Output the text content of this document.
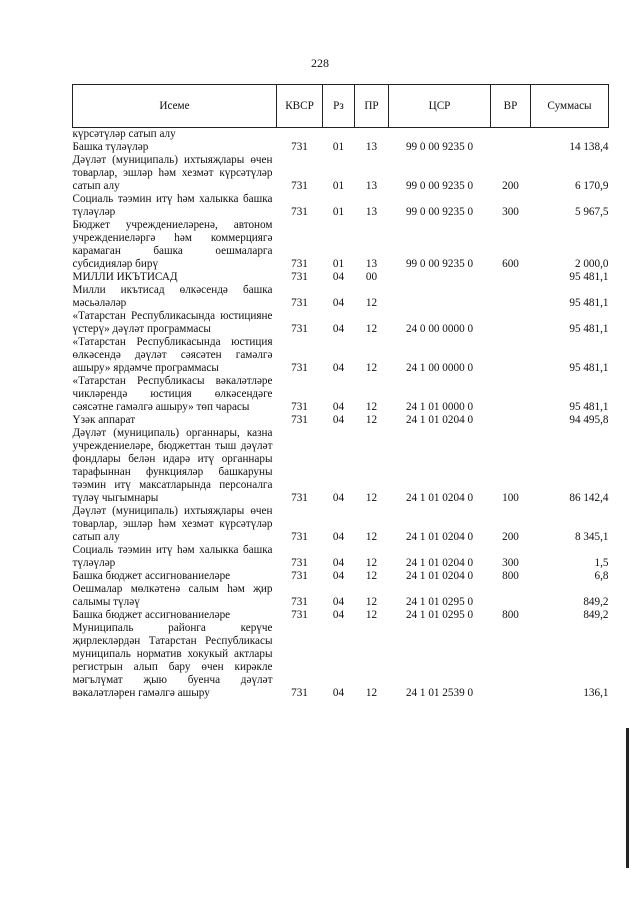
228
Исеме	КВСР	Рз	ПР	ЦСР	ВР	Суммасы
күрсәтүләр сатып алу						
Башка түләүләр	731	01	13	99 0 00 9235 0		14 138,4
Дәүләт (муниципаль) ихтыяҗлары өчен товарлар, эшләр һәм хезмәт күрсәтүләр сатып алу	731	01	13	99 0 00 9235 0	200	6 170,9
Социаль тәэмин итү һәм халыкка башка түләүләр	731	01	13	99 0 00 9235 0	300	5 967,5
Бюджет учреждениеләренә, автоном учреждениеләргә һәм коммерциягә карамаган башка оешмаларга субсидияләр бирү	731	01	13	99 0 00 9235 0	600	2 000,0
МИЛЛИ ИКЪТИСАД	731	04	00			95 481,1
Милли икътисад өлкәсендә башка мәсьәләләр	731	04	12			95 481,1
«Татарстан Республикасында юстицияне үстерү» дәүләт программасы	731	04	12	24 0 00 0000 0		95 481,1
«Татарстан Республикасында юстиция өлкәсендә дәүләт сәясәтен гамәлгә ашыру» ярдәмче программасы	731	04	12	24 1 00 0000 0		95 481,1
«Татарстан Республикасы вәкаләтләре чикләрендә юстиция өлкәсендәге сәясәтне гамәлгә ашыру» төп чарасы	731	04	12	24 1 01 0000 0		95 481,1
Үзәк аппарат	731	04	12	24 1 01 0204 0		94 495,8
Дәүләт (муниципаль) органнары, казна учреждениеләре, бюджеттан тыш дәүләт фондлары белән идарә итү органнары тарафыннан функцияләр башкаруны тәэмин итү максатларында персоналга түләү чыгымнары	731	04	12	24 1 01 0204 0	100	86 142,4
Дәүләт (муниципаль) ихтыяҗлары өчен товарлар, эшләр һәм хезмәт күрсәтүләр сатып алу	731	04	12	24 1 01 0204 0	200	8 345,1
Социаль тәэмин итү һәм халыкка башка түләүләр	731	04	12	24 1 01 0204 0	300	1,5
Башка бюджет ассигнованиеләре	731	04	12	24 1 01 0204 0	800	6,8
Оешмалар мөлкәтенә салым һәм җир салымы түләү	731	04	12	24 1 01 0295 0		849,2
Башка бюджет ассигнованиеләре	731	04	12	24 1 01 0295 0	800	849,2
Муниципаль районга керүче җирлекләрдән Татарстан Республикасы муниципаль норматив хокукый актлары регистрын алып бару өчен кирәкле мәгълүмат җыю буенча дәүләт вәкаләтләрен гамәлгә ашыру	731	04	12	24 1 01 2539 0		136,1
